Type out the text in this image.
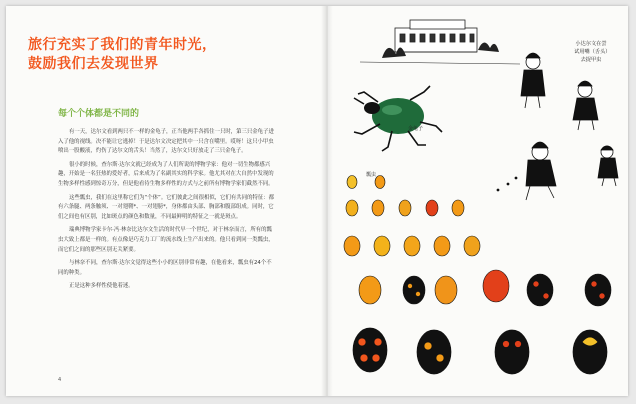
旅行充实了我们的青年时光，
鼓励我们去发现世界
每个个体都是不同的

有一天，达尔文看到两只不一样的金龟子，正当他两手各抓住一只时，第三只金龟子进入了他的视线。决不能让它逃掉！于是达尔文决定把其中一只含在嘴里。哎呀！这只小甲虫喷出一股酸液，灼伤了达尔文的舌头！当然了，达尔文只好放走了三只金龟子。

很小的时候，查尔斯·达尔文就已经成为了人们所说的博物学家：他对一切生物都感兴趣，开始是一名狂热的爱好者，后来成为了名副其实的科学家。他尤其对在大自然中发现的生物多样性感到惊奇万分，但是他看待生物多样性的方式与之前所有博物学家们截然不同。

这些瓢虫，我们在这里称它们为“个体”。它们彼此之间很相似，它们有共同的特征：都有六条腿、两条触须、一对翅鞘*、一对翅膀*，身体都由头部、胸部和腹部组成。同时，它们之间也有区别，比如斑点的颜色和数量，不同最鲜明的特征之一就是斑点。

瑞典博物学家卡尔·冯·林奈比达尔文生活的时代早一个世纪，对于林奈而言，所有的瓢虫大致上都是一样的。有点像是巧克力工厂的流水线上生产出来的。他只看到同一类瓢虫，而它们之间的那些区别无关紧要。

与林奈不同，查尔斯·达尔文觉得这些小小的区别非常有趣，在他看来，瓢虫有24个不同的种类。

正是这种多样性使他着迷。

4
小达尔文在尝试用嘴（舌头）去捉甲虫
金龟子
瓢虫
